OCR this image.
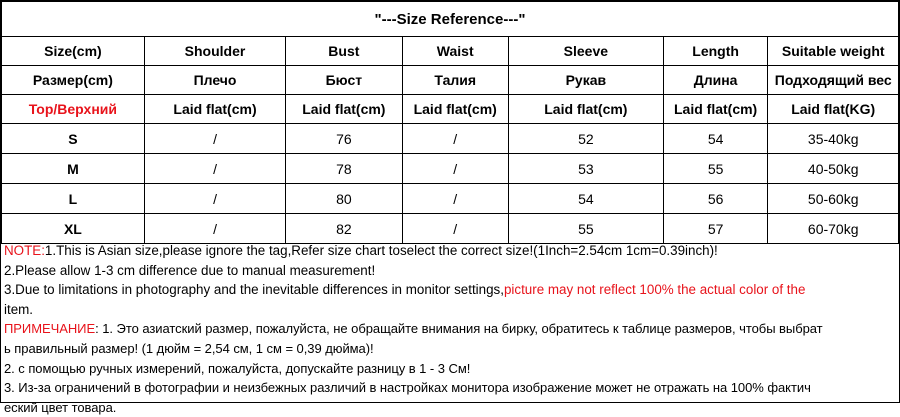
"---Size Reference---"						
Size(cm)	Shoulder	Bust	Waist	Sleeve	Length	Suitable weight
Размер(cm)	Плечо	Бюст	Талия	Рукав	Длина	Подходящий вес
Top/Верхний	Laid flat(cm)	Laid flat(cm)	Laid flat(cm)	Laid flat(cm)	Laid flat(cm)	Laid flat(KG)
S	/	76	/	52	54	35-40kg
M	/	78	/	53	55	40-50kg
L	/	80	/	54	56	50-60kg
XL	/	82	/	55	57	60-70kg
NOTE:1.This is Asian size,please ignore the tag,Refer size chart toselect the correct size!(1Inch=2.54cm 1cm=0.39inch)!
2.Please allow 1-3 cm difference due to manual measurement!
3.Due to limitations in photography and the inevitable differences in monitor settings,picture may not reflect 100% the actual color of the
item.
ПРИМЕЧАНИЕ: 1. Это азиатский размер, пожалуйста, не обращайте внимания на бирку, обратитесь к таблице размеров, чтобы выбрат
ь правильный размер! (1 дюйм = 2,54 см, 1 см = 0,39 дюйма)!
2. с помощью ручных измерений, пожалуйста, допускайте разницу в 1 - 3 См!
3. Из-за ограничений в фотографии и неизбежных различий в настройках монитора изображение может не отражать на 100% фактич
еский цвет товара.
